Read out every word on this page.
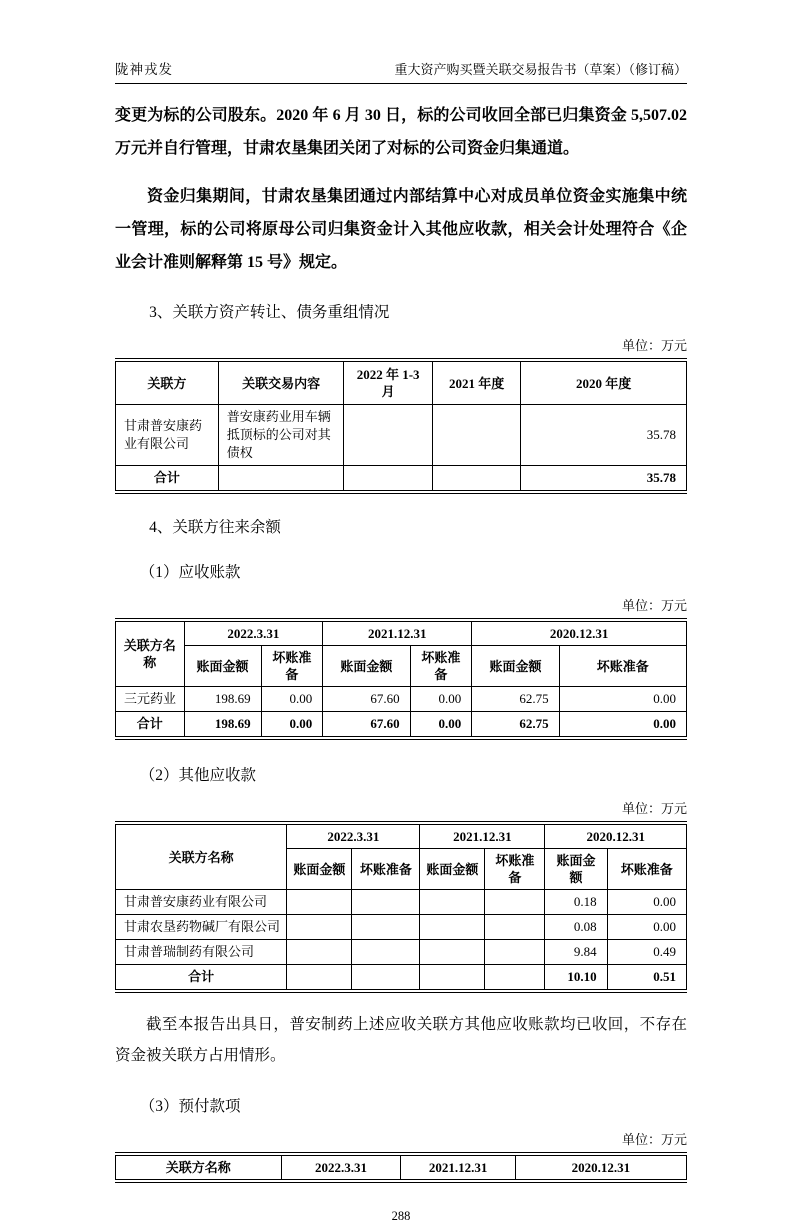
陇神戎发	重大资产购买暨关联交易报告书（草案）（修订稿）

变更为标的公司股东。2020 年 6 月 30 日，标的公司收回全部已归集资金 5,507.02 万元并自行管理，甘肃农垦集团关闭了对标的公司资金归集通道。

资金归集期间，甘肃农垦集团通过内部结算中心对成员单位资金实施集中统一管理，标的公司将原母公司归集资金计入其他应收款，相关会计处理符合《企业会计准则解释第 15 号》规定。

3、关联方资产转让、债务重组情况
单位：万元
关联方	关联交易内容	2022 年 1-3 月	2021 年度	2020 年度
甘肃普安康药业有限公司	普安康药业用车辆抵顶标的公司对其债权			35.78
合计				35.78
4、关联方往来余额
（1）应收账款
单位：万元
关联方名称	2022.3.31		2021.12.31		2020.12.31	
	账面金额	坏账准备	账面金额	坏账准备	账面金额	坏账准备
三元药业	198.69	0.00	67.60	0.00	62.75	0.00
合计	198.69	0.00	67.60	0.00	62.75	0.00
（2）其他应收款
单位：万元
关联方名称	2022.3.31		2021.12.31		2020.12.31	
	账面金额	坏账准备	账面金额	坏账准备	账面金额	坏账准备
甘肃普安康药业有限公司					0.18	0.00
甘肃农垦药物碱厂有限公司					0.08	0.00
甘肃普瑞制药有限公司					9.84	0.49
合计					10.10	0.51

截至本报告出具日，普安制药上述应收关联方其他应收账款均已收回，不存在资金被关联方占用情形。

（3）预付款项
单位：万元
关联方名称	2022.3.31	2021.12.31	2020.12.31
288
